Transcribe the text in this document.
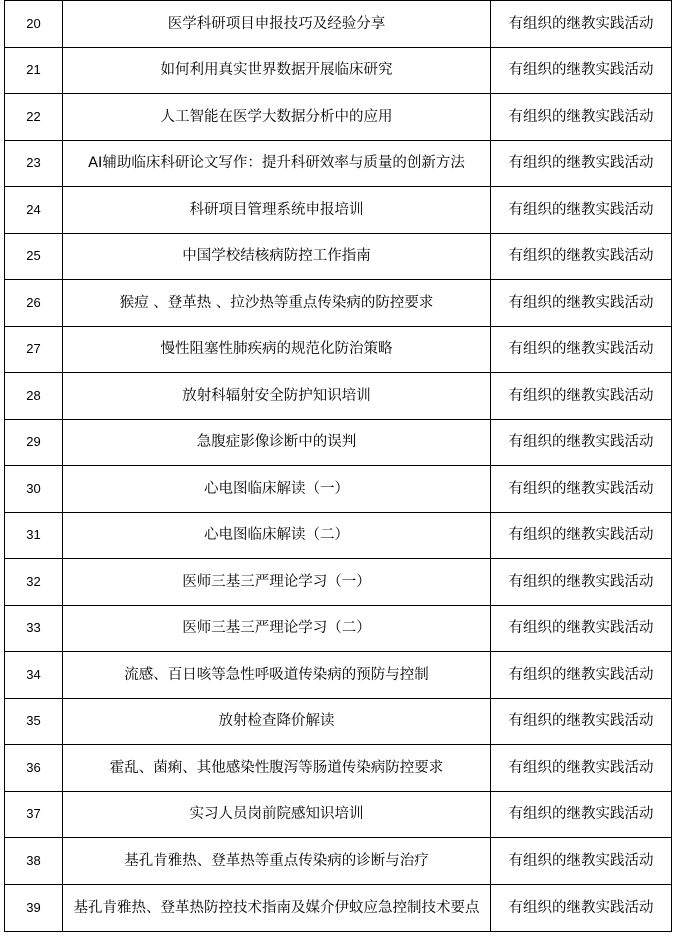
20	医学科研项目申报技巧及经验分享	有组织的继教实践活动
21	如何利用真实世界数据开展临床研究	有组织的继教实践活动
22	人工智能在医学大数据分析中的应用	有组织的继教实践活动
23	AI辅助临床科研论文写作：提升科研效率与质量的创新方法	有组织的继教实践活动
24	科研项目管理系统申报培训	有组织的继教实践活动
25	中国学校结核病防控工作指南	有组织的继教实践活动
26	猴痘 、登革热 、拉沙热等重点传染病的防控要求	有组织的继教实践活动
27	慢性阻塞性肺疾病的规范化防治策略	有组织的继教实践活动
28	放射科辐射安全防护知识培训	有组织的继教实践活动
29	急腹症影像诊断中的误判	有组织的继教实践活动
30	心电图临床解读（一）	有组织的继教实践活动
31	心电图临床解读（二）	有组织的继教实践活动
32	医师三基三严理论学习（一）	有组织的继教实践活动
33	医师三基三严理论学习（二）	有组织的继教实践活动
34	流感、百日咳等急性呼吸道传染病的预防与控制	有组织的继教实践活动
35	放射检查降价解读	有组织的继教实践活动
36	霍乱、菌痢、其他感染性腹泻等肠道传染病防控要求	有组织的继教实践活动
37	实习人员岗前院感知识培训	有组织的继教实践活动
38	基孔肯雅热、登革热等重点传染病的诊断与治疗	有组织的继教实践活动
39	基孔肯雅热、登革热防控技术指南及媒介伊蚊应急控制技术要点	有组织的继教实践活动
